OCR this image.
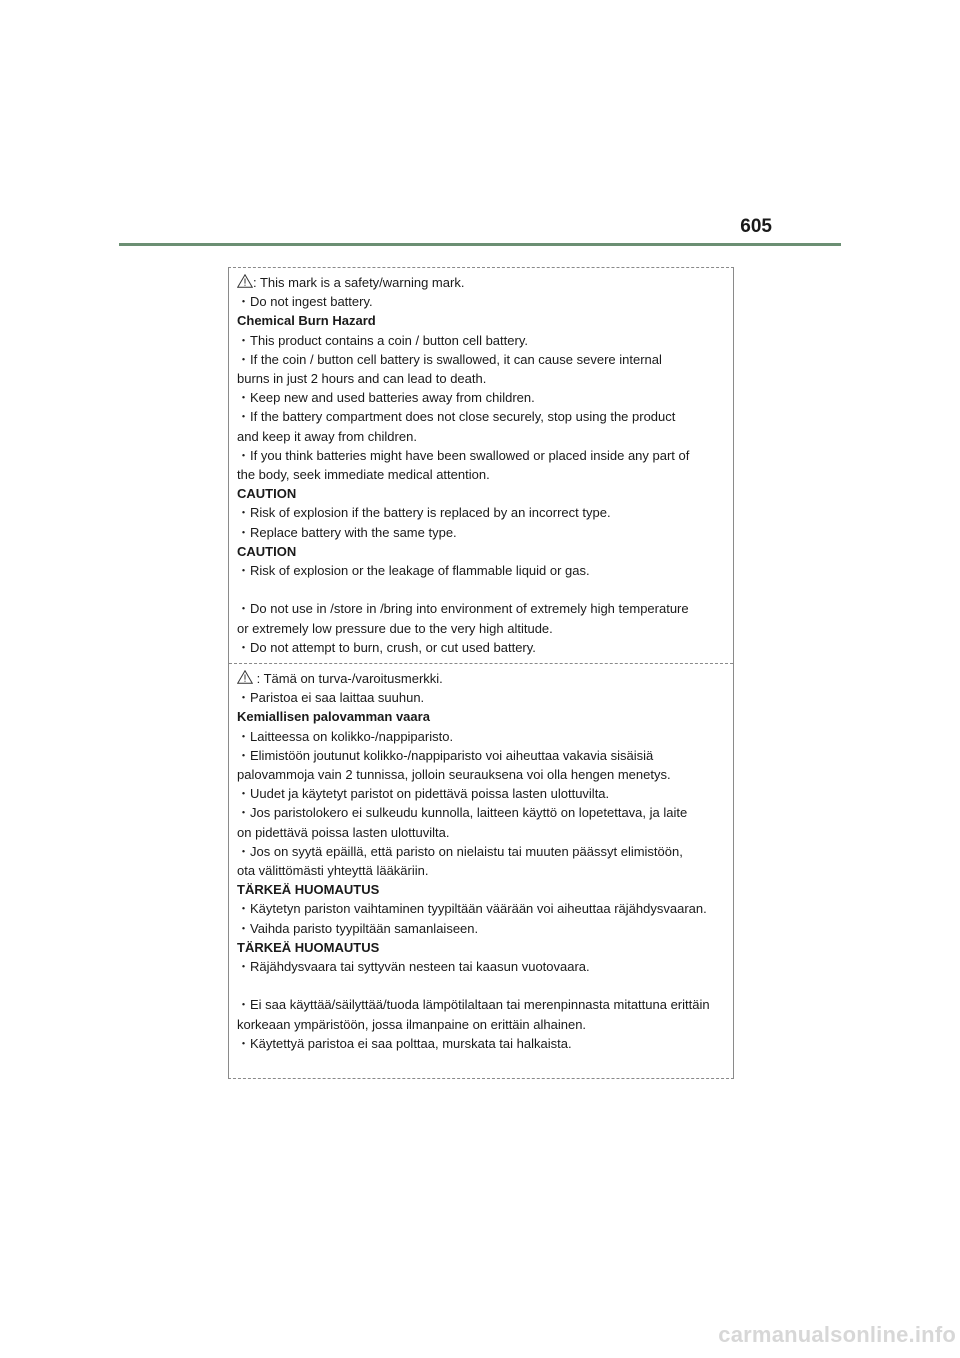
605
: This mark is a safety/warning mark.
・Do not ingest battery.
Chemical Burn Hazard
・This product contains a coin / button cell battery.
・If the coin / button cell battery is swallowed, it can cause severe internal
burns in just 2 hours and can lead to death.
・Keep new and used batteries away from children.
・If the battery compartment does not close securely, stop using the product
and keep it away from children.
・If you think batteries might have been swallowed or placed inside any part of
the body, seek immediate medical attention.
CAUTION
・Risk of explosion if the battery is replaced by an incorrect type.
・Replace battery with the same type.
CAUTION
・Risk of explosion or the leakage of flammable liquid or gas.
・Do not use in /store in /bring into environment of extremely high temperature
or extremely low pressure due to the very high altitude.
・Do not attempt to burn, crush, or cut used battery.
: Tämä on turva-/varoitusmerkki.
・Paristoa ei saa laittaa suuhun.
Kemiallisen palovamman vaara
・Laitteessa on kolikko-/nappiparisto.
・Elimistöön joutunut kolikko-/nappiparisto voi aiheuttaa vakavia sisäisiä
palovammoja vain 2 tunnissa, jolloin seurauksena voi olla hengen menetys.
・Uudet ja käytetyt paristot on pidettävä poissa lasten ulottuvilta.
・Jos paristolokero ei sulkeudu kunnolla, laitteen käyttö on lopetettava, ja laite
on pidettävä poissa lasten ulottuvilta.
・Jos on syytä epäillä, että paristo on nielaistu tai muuten päässyt elimistöön,
ota välittömästi yhteyttä lääkäriin.
TÄRKEÄ HUOMAUTUS
・Käytetyn pariston vaihtaminen tyypiltään väärään voi aiheuttaa räjähdysvaaran.
・Vaihda paristo tyypiltään samanlaiseen.
TÄRKEÄ HUOMAUTUS
・Räjähdysvaara tai syttyvän nesteen tai kaasun vuotovaara.
・Ei saa käyttää/säilyttää/tuoda lämpötilaltaan tai merenpinnasta mitattuna erittäin
korkeaan ympäristöön, jossa ilmanpaine on erittäin alhainen.
・Käytettyä paristoa ei saa polttaa, murskata tai halkaista.
carmanualsonline.info
